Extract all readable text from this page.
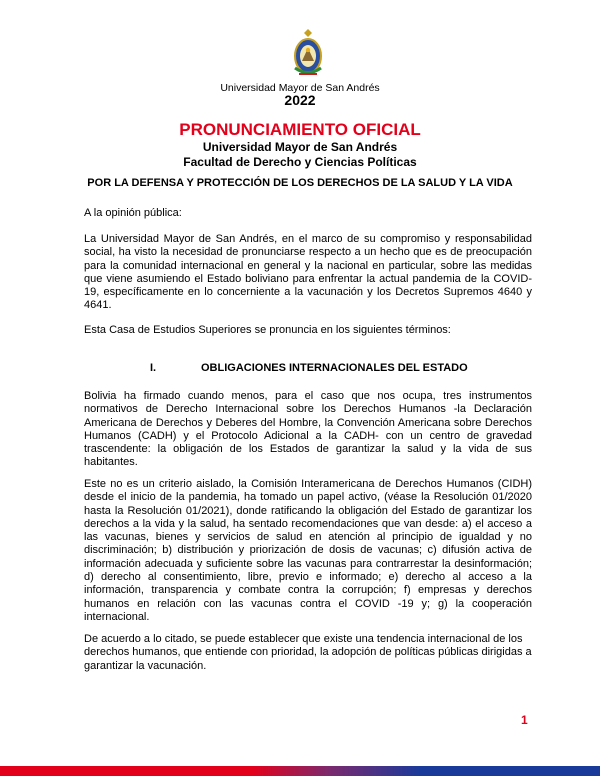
Universidad Mayor de San Andrés
2022
PRONUNCIAMIENTO OFICIAL
Universidad Mayor de San Andrés
Facultad de Derecho y Ciencias Políticas
POR LA DEFENSA Y PROTECCIÓN DE LOS DERECHOS DE LA SALUD Y LA VIDA
A la opinión pública:
La Universidad Mayor de San Andrés, en el marco de su compromiso y responsabilidad social, ha visto la necesidad de pronunciarse respecto a un hecho que es de preocupación para la comunidad internacional en general y la nacional en particular, sobre las medidas que viene asumiendo el Estado boliviano para enfrentar la actual pandemia de la COVID-19, específicamente en lo concerniente a la vacunación y los Decretos Supremos 4640 y 4641.
Esta Casa de Estudios Superiores se pronuncia en los siguientes términos:
I.	OBLIGACIONES INTERNACIONALES DEL ESTADO
Bolivia ha firmado cuando menos, para el caso que nos ocupa, tres instrumentos normativos de Derecho Internacional sobre los Derechos Humanos -la Declaración Americana de Derechos y Deberes del Hombre, la Convención Americana sobre Derechos Humanos (CADH) y el Protocolo Adicional a la CADH- con un centro de gravedad trascendente: la obligación de los Estados de garantizar la salud y la vida de sus habitantes.
Este no es un criterio aislado, la Comisión Interamericana de Derechos Humanos (CIDH) desde el inicio de la pandemia, ha tomado un papel activo, (véase la Resolución 01/2020 hasta la Resolución 01/2021), donde ratificando la obligación del Estado de garantizar los derechos a la vida y la salud, ha sentado recomendaciones que van desde: a) el acceso a las vacunas, bienes y servicios de salud en atención al principio de igualdad y no discriminación; b) distribución y priorización de dosis de vacunas; c) difusión activa de información adecuada y suficiente sobre las vacunas para contrarrestar la desinformación; d) derecho al consentimiento, libre, previo e informado; e) derecho al acceso a la información, transparencia y combate contra la corrupción; f) empresas y derechos humanos en relación con las vacunas contra el COVID -19 y; g) la cooperación internacional.
De acuerdo a lo citado, se puede establecer que existe una tendencia internacional de los derechos humanos, que entiende con prioridad, la adopción de políticas públicas dirigidas a garantizar la vacunación.
1
